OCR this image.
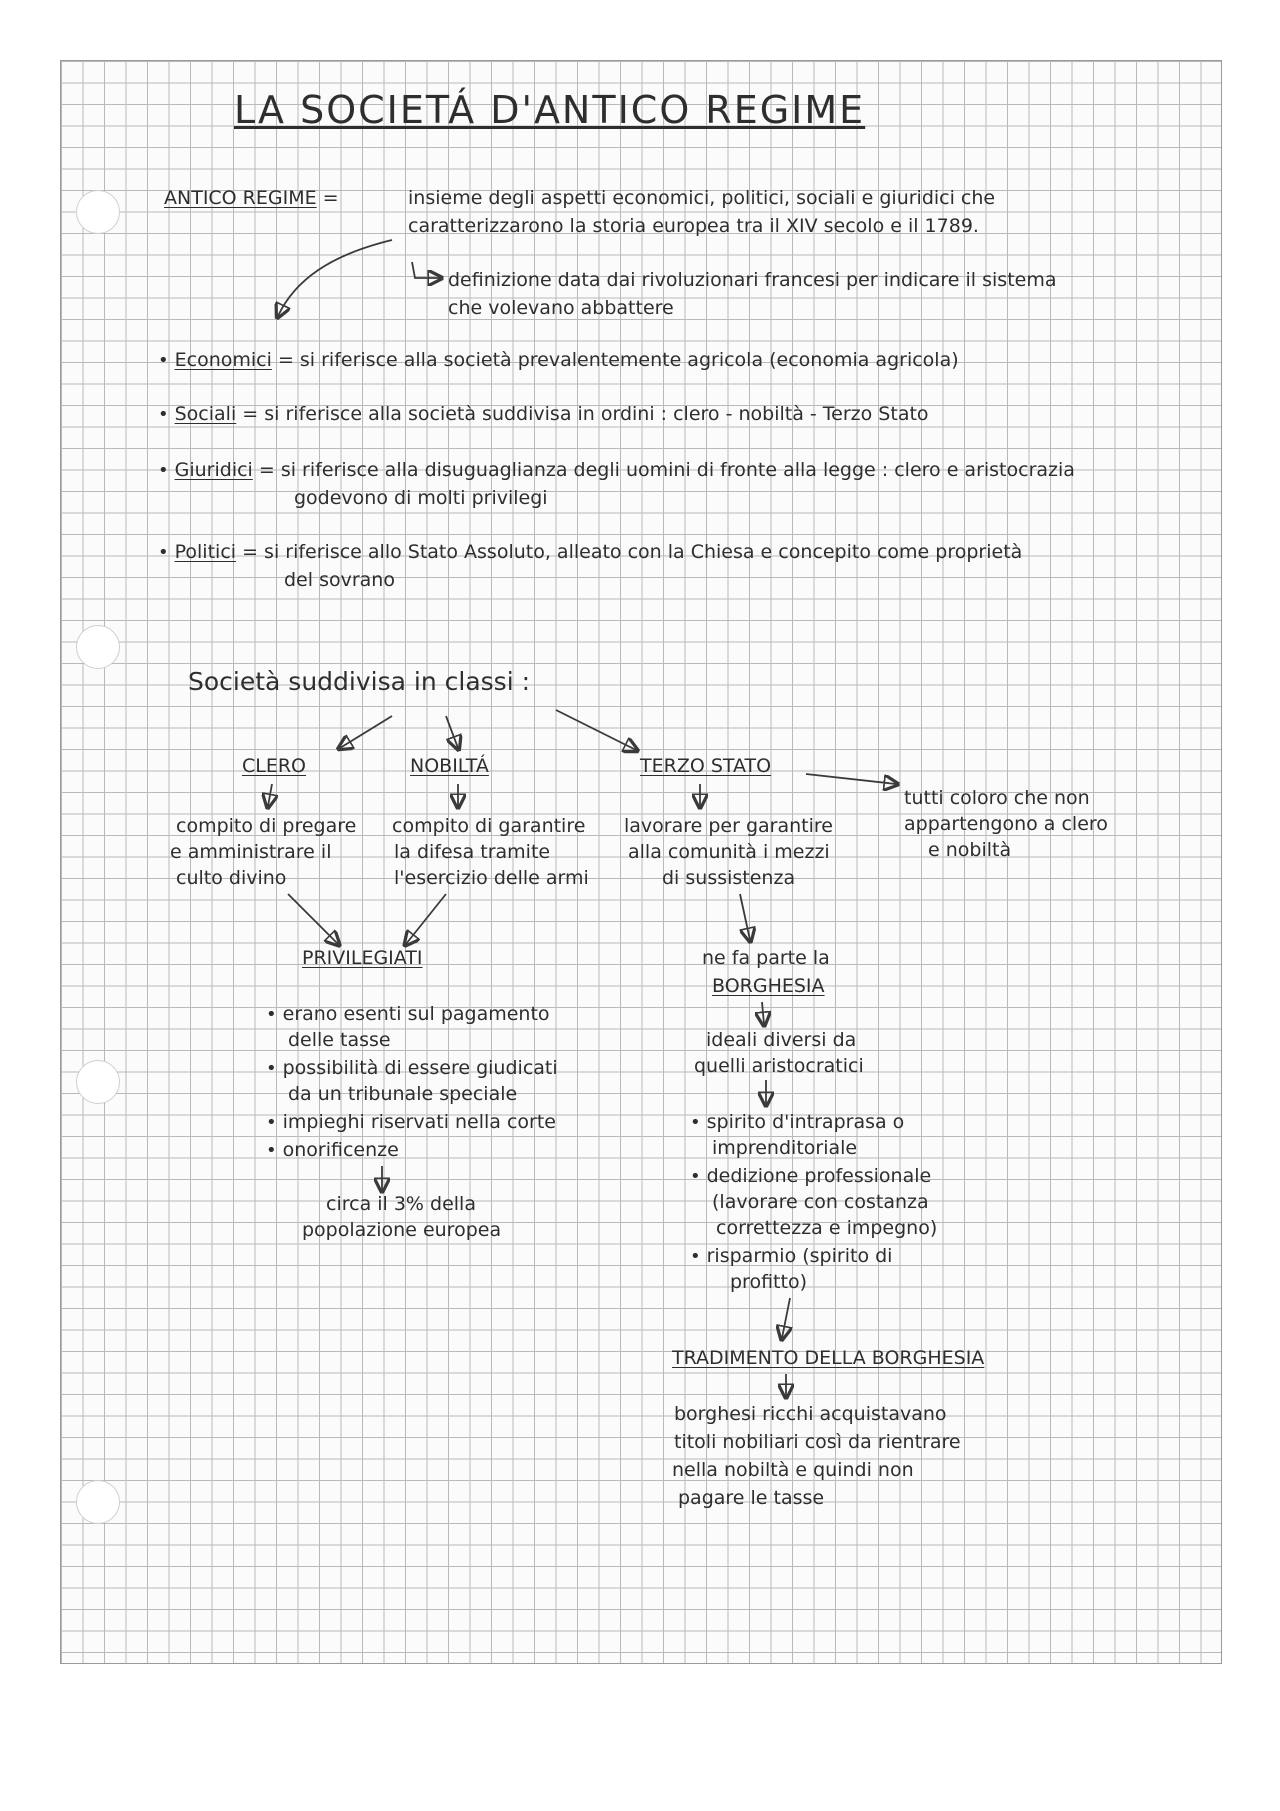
LA SOCIETÁ D'ANTICO REGIME
ANTICO REGIME =	insieme degli aspetti economici, politici, sociali e giuridici che
caratterizzarono la storia europea tra il XIV secolo e il 1789.
definizione data dai rivoluzionari francesi per indicare il sistema
che volevano abbattere
• Economici = si riferisce alla società prevalentemente agricola (economia agricola)
• Sociali = si riferisce alla società suddivisa in ordini : clero - nobiltà - Terzo Stato
• Giuridici = si riferisce alla disuguaglianza degli uomini di fronte alla legge : clero e aristocrazia
godevono di molti privilegi
• Politici = si riferisce allo Stato Assoluto, alleato con la Chiesa e concepito come proprietà
del sovrano
Società suddivisa in classi :
CLERO
compito di pregare
e amministrare il
culto divino
NOBILTÁ
compito di garantire
la difesa tramite
l'esercizio delle armi
TERZO STATO
lavorare per garantire
alla comunità i mezzi
di sussistenza
tutti coloro che non
appartengono a clero
e nobiltà
PRIVILEGIATI
• erano esenti sul pagamento
delle tasse
• possibilità di essere giudicati
da un tribunale speciale
• impieghi riservati nella corte
• onorificenze
circa il 3% della
popolazione europea
ne fa parte la
BORGHESIA
ideali diversi da
quelli aristocratici
• spirito d'intraprasa o
imprenditoriale
• dedizione professionale
(lavorare con costanza
correttezza e impegno)
• risparmio (spirito di
profitto)
TRADIMENTO DELLA BORGHESIA
borghesi ricchi acquistavano
titoli nobiliari così da rientrare
nella nobiltà e quindi non
pagare le tasse
